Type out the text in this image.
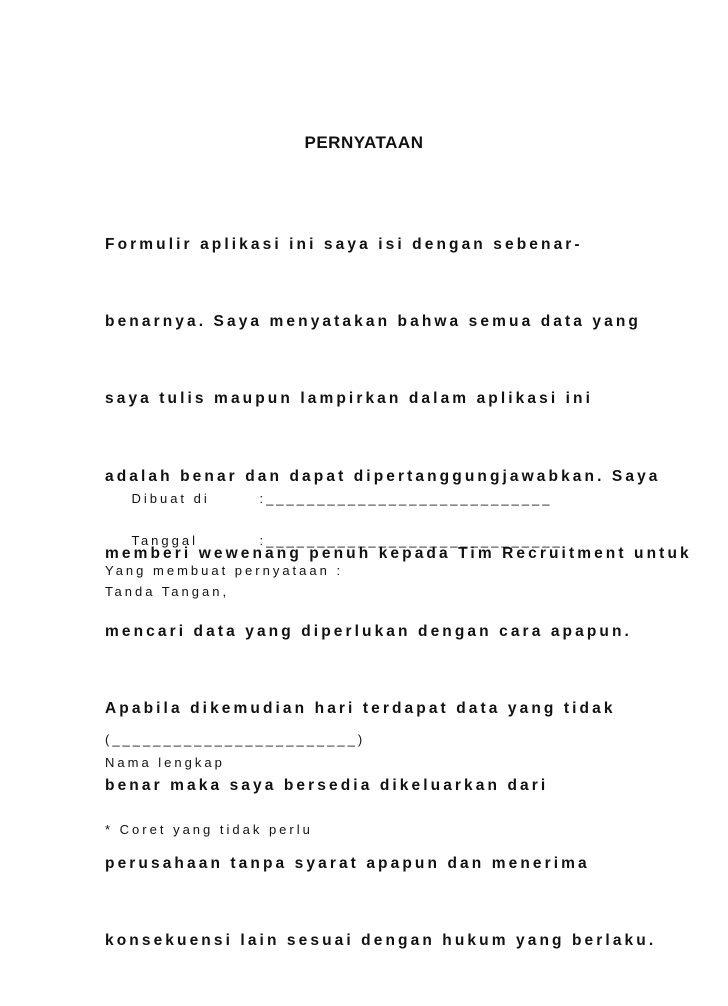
PERNYATAAN

Formulir aplikasi ini saya isi dengan sebenar-

benarnya. Saya menyatakan bahwa semua data yang

saya tulis maupun lampirkan dalam aplikasi ini

adalah benar dan dapat dipertanggungjawabkan. Saya

memberi wewenang penuh kepada Tim Recruitment untuk

mencari data yang diperlukan dengan cara apapun.

Apabila dikemudian hari terdapat data yang tidak

benar maka saya bersedia dikeluarkan dari

perusahaan tanpa syarat apapun dan menerima

konsekuensi lain sesuai dengan hukum yang berlaku.

Dibuat di	:____________________________

Tanggal	:_____________________________

Yang membuat pernyataan :
Tanda Tangan,
(________________________)
Nama lengkap
* Coret yang tidak perlu
